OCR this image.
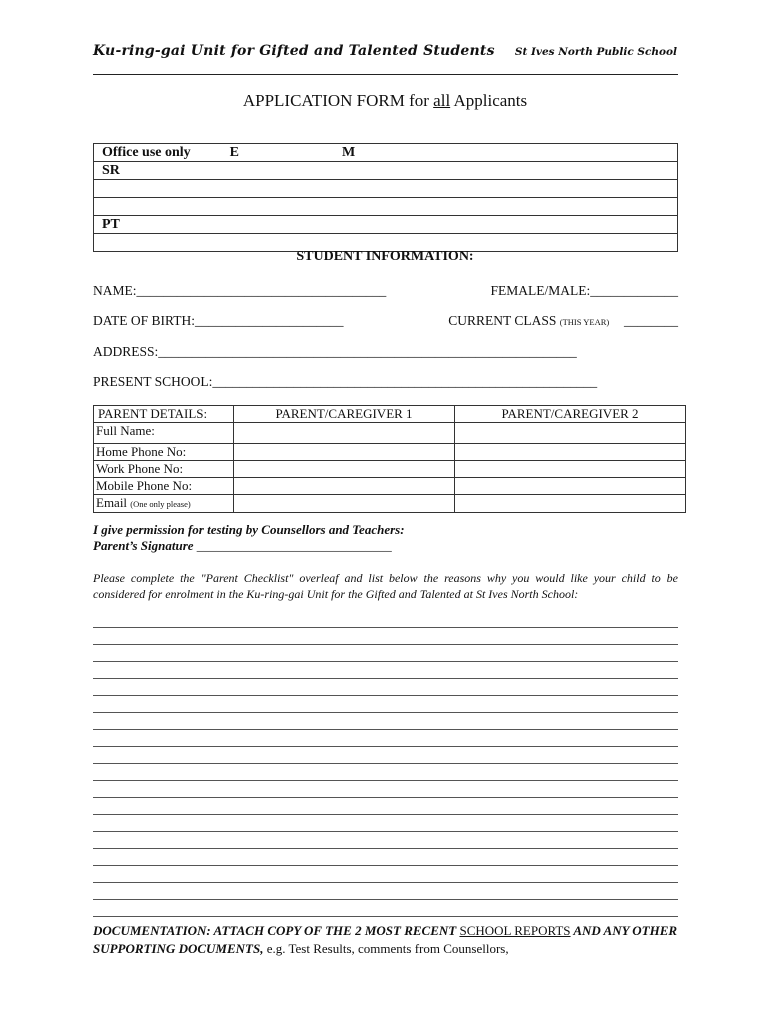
Ku-ring-gai Unit for Gifted and Talented Students St Ives North Public School
APPLICATION FORM for all Applicants
Office use only	E	M
SR

PT

STUDENT INFORMATION:
NAME:_____________________________________	FEMALE/MALE:_____________
DATE OF BIRTH:______________________	CURRENT CLASS (THIS YEAR) ________
ADDRESS:______________________________________________________________
PRESENT SCHOOL:_________________________________________________________
PARENT DETAILS:	PARENT/CAREGIVER 1	PARENT/CAREGIVER 2
Full Name:		
Home Phone No:		
Work Phone No:		
Mobile Phone No:		
Email (One only please)		
I give permission for testing by Counsellors and Teachers:
Parent’s Signature ______________________________
Please complete the "Parent Checklist" overleaf and list below the reasons why you would like your child to be considered for enrolment in the Ku-ring-gai Unit for the Gifted and Talented at St Ives North School:
DOCUMENTATION: ATTACH COPY OF THE 2 MOST RECENT SCHOOL REPORTS AND ANY OTHER SUPPORTING DOCUMENTS, e.g. Test Results, comments from Counsellors,
